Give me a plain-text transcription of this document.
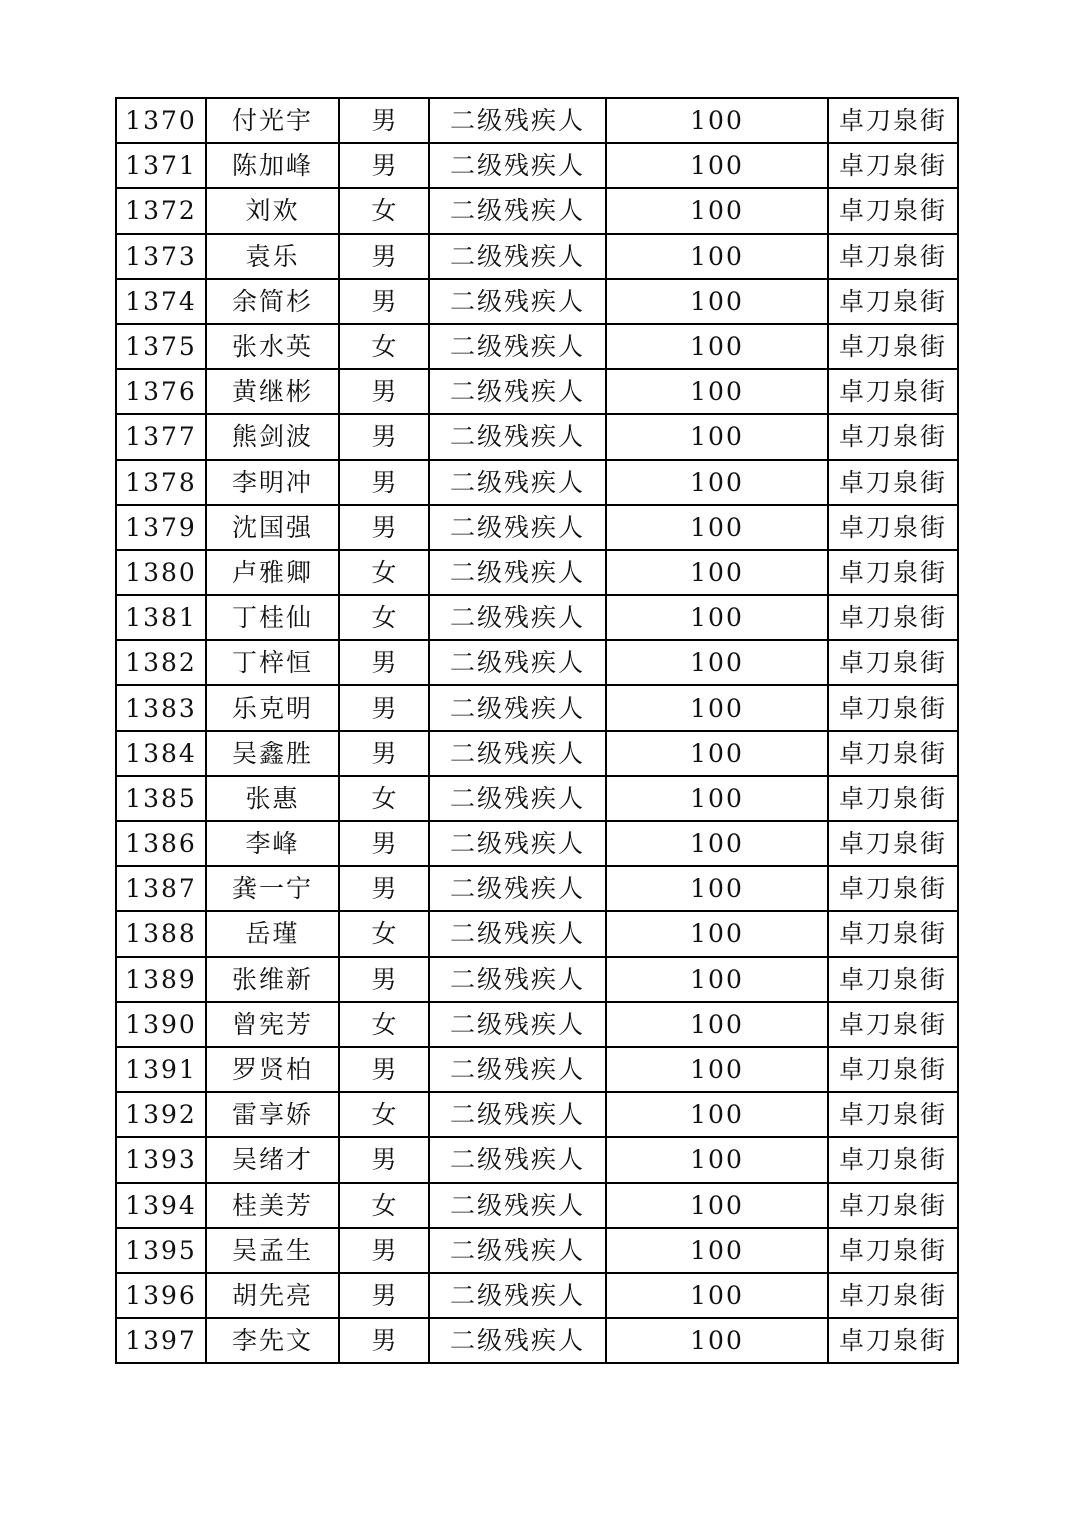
1370	付光宇	男	二级残疾人	100	卓刀泉街
1371	陈加峰	男	二级残疾人	100	卓刀泉街
1372	刘欢	女	二级残疾人	100	卓刀泉街
1373	袁乐	男	二级残疾人	100	卓刀泉街
1374	余简杉	男	二级残疾人	100	卓刀泉街
1375	张水英	女	二级残疾人	100	卓刀泉街
1376	黄继彬	男	二级残疾人	100	卓刀泉街
1377	熊剑波	男	二级残疾人	100	卓刀泉街
1378	李明冲	男	二级残疾人	100	卓刀泉街
1379	沈国强	男	二级残疾人	100	卓刀泉街
1380	卢雅卿	女	二级残疾人	100	卓刀泉街
1381	丁桂仙	女	二级残疾人	100	卓刀泉街
1382	丁梓恒	男	二级残疾人	100	卓刀泉街
1383	乐克明	男	二级残疾人	100	卓刀泉街
1384	吴鑫胜	男	二级残疾人	100	卓刀泉街
1385	张惠	女	二级残疾人	100	卓刀泉街
1386	李峰	男	二级残疾人	100	卓刀泉街
1387	龚一宁	男	二级残疾人	100	卓刀泉街
1388	岳瑾	女	二级残疾人	100	卓刀泉街
1389	张维新	男	二级残疾人	100	卓刀泉街
1390	曾宪芳	女	二级残疾人	100	卓刀泉街
1391	罗贤柏	男	二级残疾人	100	卓刀泉街
1392	雷享娇	女	二级残疾人	100	卓刀泉街
1393	吴绪才	男	二级残疾人	100	卓刀泉街
1394	桂美芳	女	二级残疾人	100	卓刀泉街
1395	吴孟生	男	二级残疾人	100	卓刀泉街
1396	胡先亮	男	二级残疾人	100	卓刀泉街
1397	李先文	男	二级残疾人	100	卓刀泉街
